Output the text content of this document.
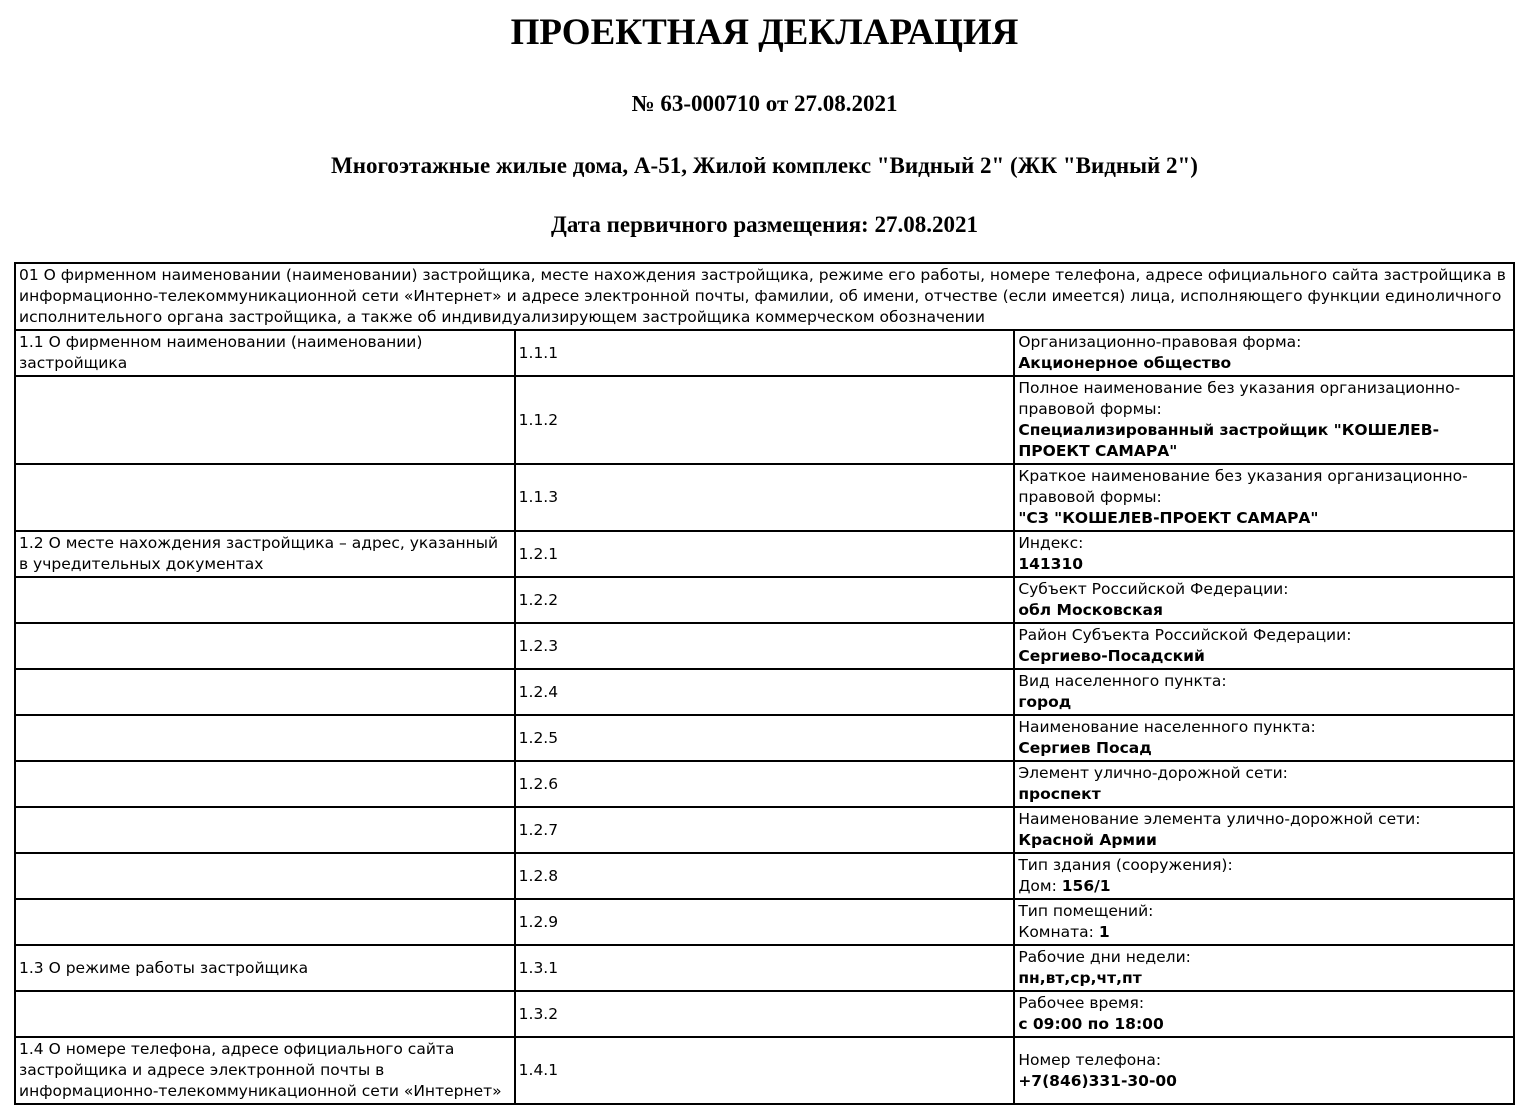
ПРОЕКТНАЯ ДЕКЛАРАЦИЯ
№ 63-000710 от 27.08.2021
Многоэтажные жилые дома, А-51, Жилой комплекс "Видный 2" (ЖК "Видный 2")
Дата первичного размещения: 27.08.2021
01 О фирменном наименовании (наименовании) застройщика, месте нахождения застройщика, режиме его работы, номере телефона, адресе официального сайта застройщика в информационно-телекоммуникационной сети «Интернет» и адресе электронной почты, фамилии, об имени, отчестве (если имеется) лица, исполняющего функции единоличного исполнительного органа застройщика, а также об индивидуализирующем застройщика коммерческом обозначении		
1.1 О фирменном наименовании (наименовании) застройщика	1.1.1	Организационно-правовая форма:
Акционерное общество

	1.1.2	Полное наименование без указания организационно-правовой формы:
Специализированный застройщик "КОШЕЛЕВ-ПРОЕКТ САМАРА"

	1.1.3	Краткое наименование без указания организационно-правовой формы:
"СЗ "КОШЕЛЕВ-ПРОЕКТ САМАРА"

1.2 О месте нахождения застройщика – адрес, указанный в учредительных документах	1.2.1	Индекс:
141310

	1.2.2	Субъект Российской Федерации:
обл Московская

	1.2.3	Район Субъекта Российской Федерации:
Сергиево-Посадский

	1.2.4	Вид населенного пункта:
город

	1.2.5	Наименование населенного пункта:
Сергиев Посад

	1.2.6	Элемент улично-дорожной сети:
проспект

	1.2.7	Наименование элемента улично-дорожной сети:
Красной Армии

	1.2.8	Тип здания (сооружения):
Дом: 156/1

	1.2.9	Тип помещений:
Комната: 1

1.3 О режиме работы застройщика	1.3.1	Рабочие дни недели:
пн,вт,ср,чт,пт

	1.3.2	Рабочее время:
с 09:00 по 18:00

1.4 О номере телефона, адресе официального сайта застройщика и адресе электронной почты в информационно-телекоммуникационной сети «Интернет»	1.4.1	Номер телефона:
+7(846)331-30-00
